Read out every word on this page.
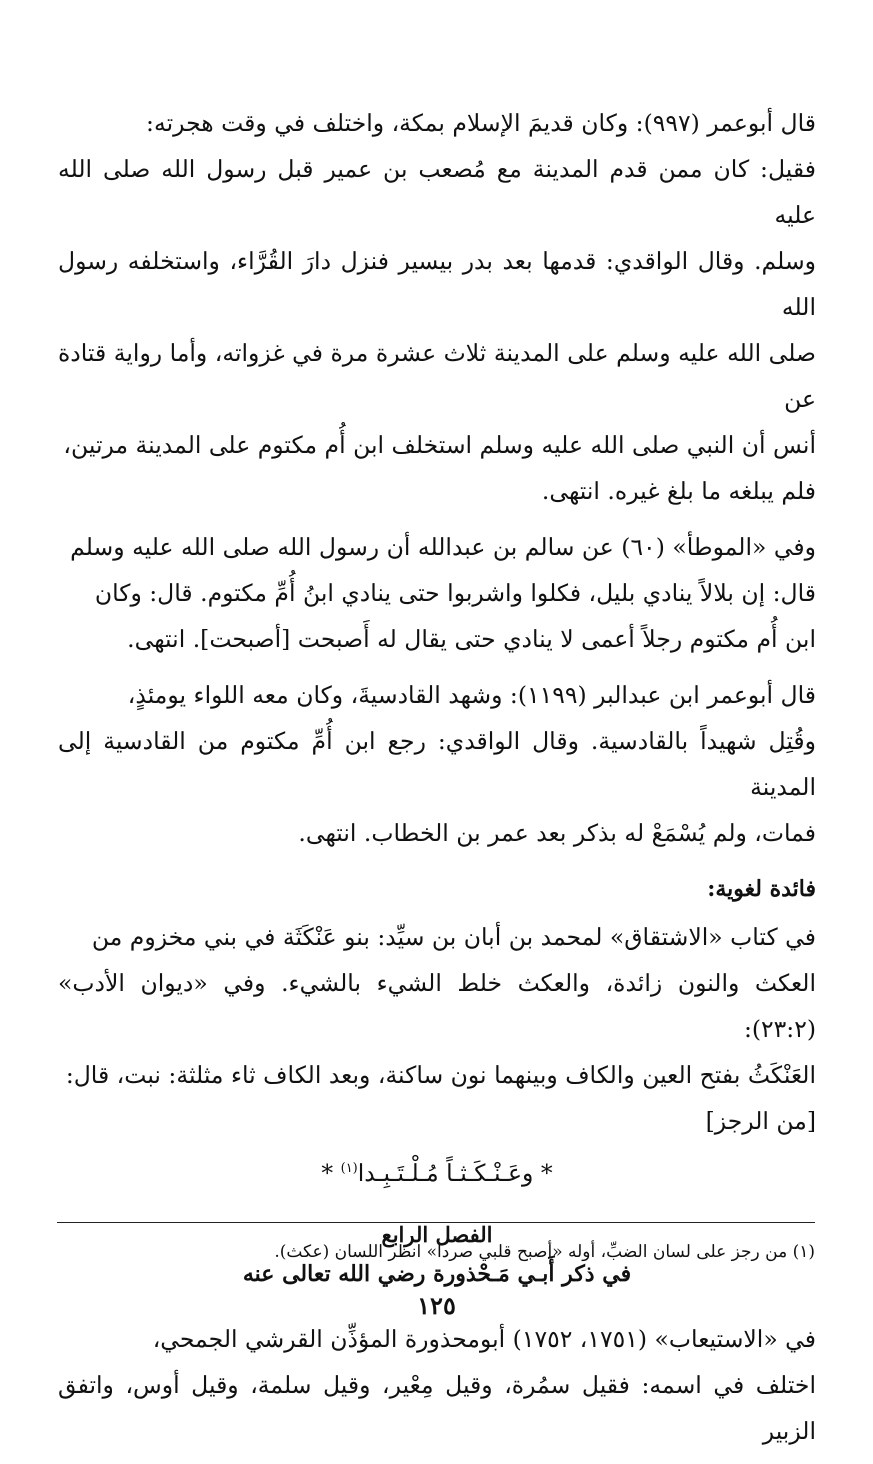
قال أبوعمر (٩٩٧): وكان قديمَ الإسلام بمكة، واختلف في وقت هجرته:
فقيل: كان ممن قدم المدينة مع مُصعب بن عمير قبل رسول الله صلى الله عليه
وسلم. وقال الواقدي: قدمها بعد بدر بيسير فنزل دارَ القُرَّاء، واستخلفه رسول الله
صلى الله عليه وسلم على المدينة ثلاث عشرة مرة في غزواته، وأما رواية قتادة عن
أنس أن النبي صلى الله عليه وسلم استخلف ابن أُم مكتوم على المدينة مرتين،
فلم يبلغه ما بلغ غيره. انتهى.
وفي «الموطأ» (٦٠) عن سالم بن عبدالله أن رسول الله صلى الله عليه وسلم
قال: إن بلالاً ينادي بليل، فكلوا واشربوا حتى ينادي ابنُ أُمِّ مكتوم. قال: وكان
ابن أُم مكتوم رجلاً أعمى لا ينادي حتى يقال له أَصبحت [أصبحت]. انتهى.
قال أبوعمر ابن عبدالبر (١١٩٩): وشهد القادسيةَ، وكان معه اللواء يومئذٍ،
وقُتِل شهيداً بالقادسية. وقال الواقدي: رجع ابن أُمِّ مكتوم من القادسية إلى المدينة
فمات، ولم يُسْمَعْ له بذكر بعد عمر بن الخطاب. انتهى.
فائدة لغوية:
في كتاب «الاشتقاق» لمحمد بن أبان بن سيِّد: بنو عَنْكَثَة في بني مخزوم من
العكث والنون زائدة، والعكث خلط الشيء بالشيء. وفي «ديوان الأدب» (٢٣:٢):
العَنْكَثُ بفتح العين والكاف وبينهما نون ساكنة، وبعد الكاف ثاء مثلثة: نبت، قال:
[من الرجز]
* وعَـنْـكَـثـاً مُـلْـتَـبِـدا$^{(١)}$ *
الفصل الرابع
في ذكر أَبـي مَـحْذورة رضي الله تعالى عنه
في «الاستيعاب» (١٧٥١، ١٧٥٢) أبومحذورة المؤذِّن القرشي الجمحي،
اختلف في اسمه: فقيل سمُرة، وقيل مِعْير، وقيل سلمة، وقيل أوس، واتفق الزبير
(١) من رجز على لسان الضبِّ، أوله «أصبح قلبي صردا» انظر اللسان (عكث).
١٢٥
